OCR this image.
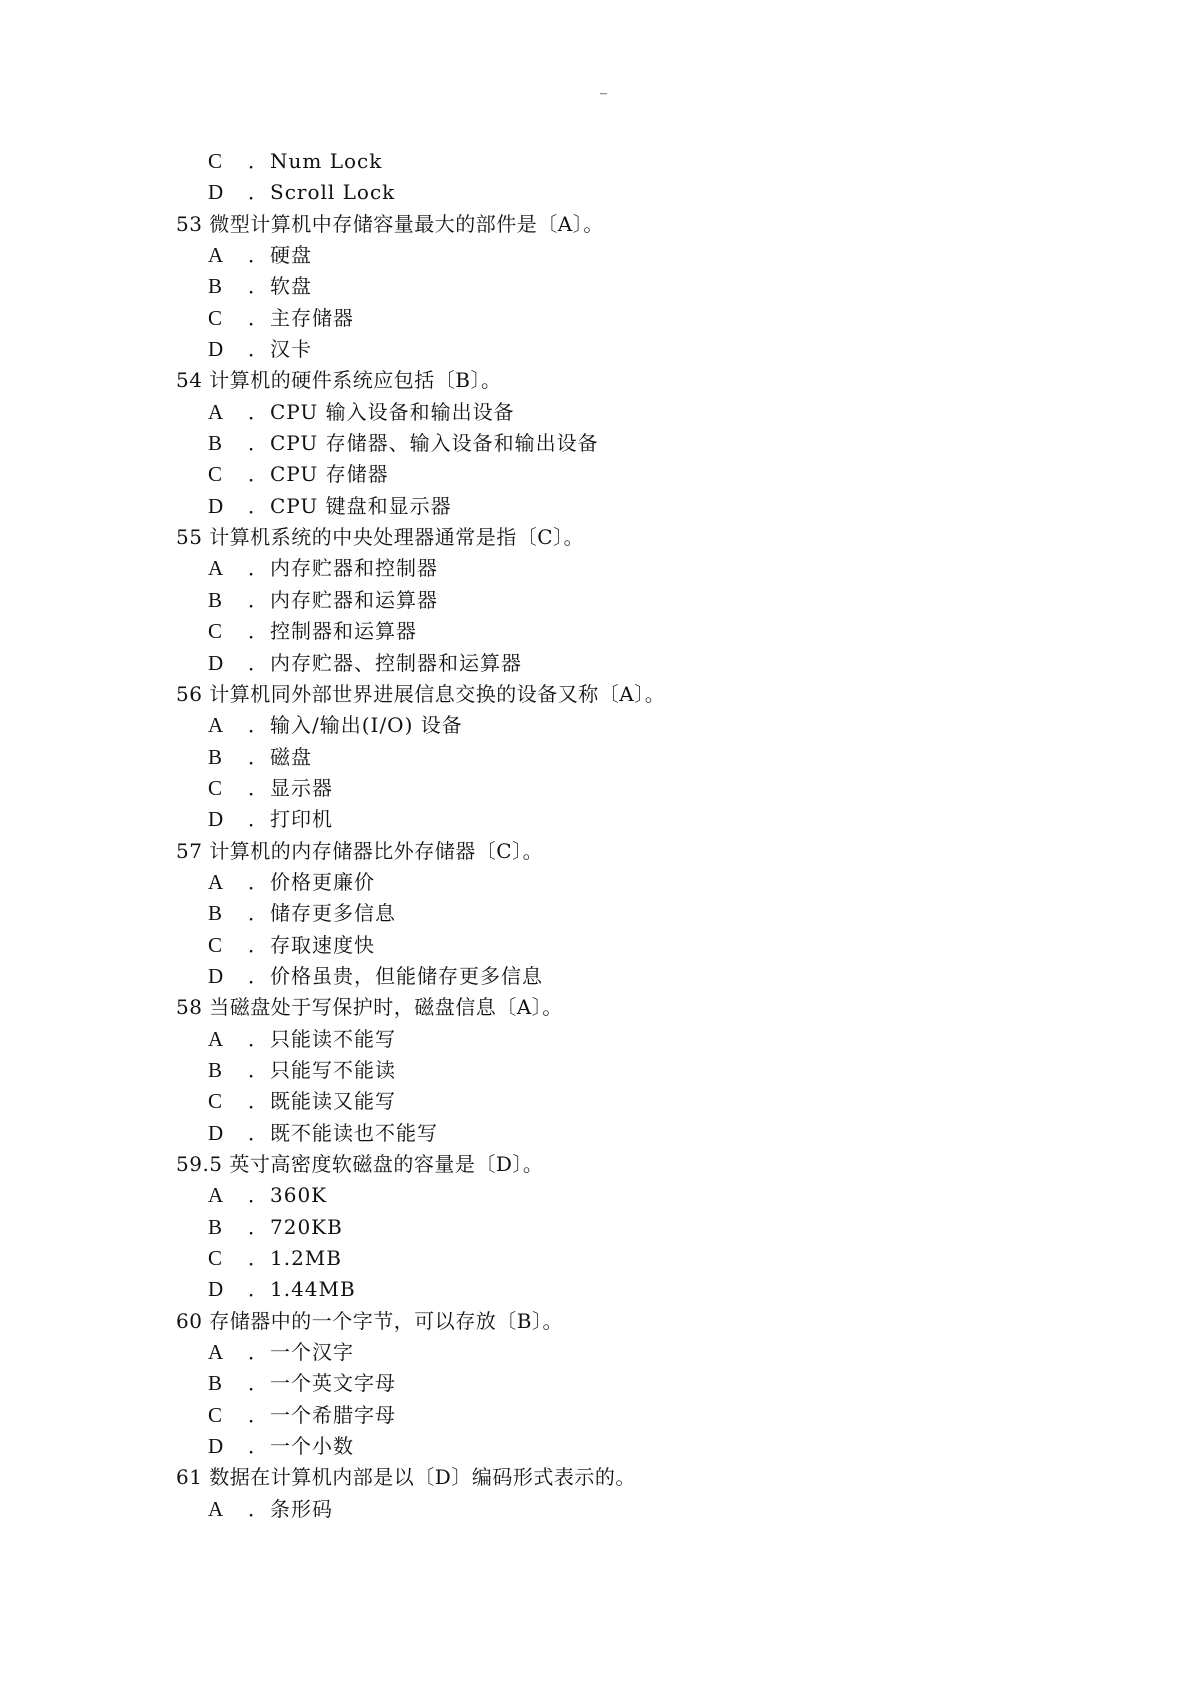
–
C ． Num Lock
D ． Scroll Lock
53 微型计算机中存储容量最大的部件是〔A〕。
A ． 硬盘
B ． 软盘
C ． 主存储器
D ． 汉卡
54 计算机的硬件系统应包括〔B〕。
A ． CPU 输入设备和输出设备
B ． CPU 存储器、输入设备和输出设备
C ． CPU 存储器
D ． CPU 键盘和显示器
55 计算机系统的中央处理器通常是指〔C〕。
A ． 内存贮器和控制器
B ． 内存贮器和运算器
C ． 控制器和运算器
D ． 内存贮器、控制器和运算器
56 计算机同外部世界进展信息交换的设备又称〔A〕。
A ． 输入/输出(I/O) 设备
B ． 磁盘
C ． 显示器
D ． 打印机
57 计算机的内存储器比外存储器〔C〕。
A ． 价格更廉价
B ． 储存更多信息
C ． 存取速度快
D ． 价格虽贵，但能储存更多信息
58 当磁盘处于写保护时，磁盘信息〔A〕。
A ． 只能读不能写
B ． 只能写不能读
C ． 既能读又能写
D ． 既不能读也不能写
59.5 英寸高密度软磁盘的容量是〔D〕。
A ． 360K
B ． 720KB
C ． 1.2MB
D ． 1.44MB
60 存储器中的一个字节，可以存放〔B〕。
A ． 一个汉字
B ． 一个英文字母
C ． 一个希腊字母
D ． 一个小数
61 数据在计算机内部是以〔D〕编码形式表示的。
A ． 条形码
